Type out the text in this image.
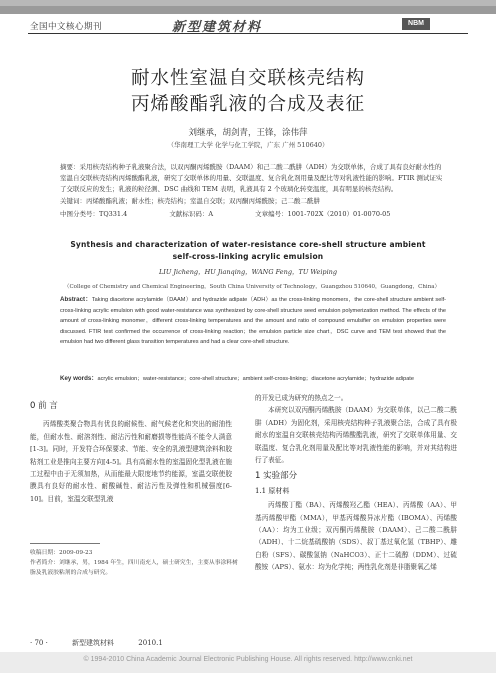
全国中文核心期刊	新型建筑材料	NBM
耐水性室温自交联核壳结构
丙烯酸酯乳液的合成及表征
刘继承，胡剑青，王锋，涂伟萍
（华南理工大学 化学与化工学院，广东 广州 510640）
摘要：采用核壳结构种子乳液聚合法，以双丙酮丙烯酰胺（DAAM）和己二酸二酰肼（ADH）为交联单体，合成了具有良好耐水性的室温自交联核壳结构丙烯酸酯乳液，研究了交联单体的用量、交联温度、复合乳化剂用量及配比等对乳液性能的影响。FTIR 测试证实了交联反应的发生；乳液的粒径测、DSC 曲线和 TEM 表明，乳液具有 2 个玻璃化转变温度，具有明显的核壳结构。
关键词：丙烯酸酯乳液；耐水性；核壳结构；室温自交联；双丙酮丙烯酰胺；己二酸二酰肼
中图分类号：TQ331.4	文献标识码：A	文章编号：1001-702X（2010）01-0070-05
Synthesis and characterization of water-resistance core-shell structure ambient
self-cross-linking acrylic emulsion
LIU Jicheng，HU Jianqing，WANG Feng，TU Weiping
（College of Chemistry and Chemical Engineering，South China University of Technology，Guangzhou 510640，Guangdong，China）
Abstract：Taking diacetone acrylamide（DAAM）and hydrazide adipate（ADH）as the cross-linking monomers，the core-shell structure ambient self-cross-linking acrylic emulsion with good water-resistance was synthesized by core-shell structure seed emulsion polymerization method. The effects of the amount of cross-linking monomer，different cross-linking temperatures and the amount and ratio of compound emulsifier on emulsion properties were discussed. FTIR test confirmed the occurrence of cross-linking reaction；the emulsion particle size chart，DSC curve and TEM test showed that the emulsion had two different glass transition temperatures and had a clear core-shell structure.
Key words：acrylic emulsion；water-resistance；core-shell structure；ambient self-cross-linking；diacetone acrylamide；hydrazide adipate
0 前 言

丙烯酸类聚合物具有优良的耐候性、耐气候老化和突出的耐油性能，但耐水性、耐溶剂性、耐沾污性和耐磨损等性能尚不能令人满意[1-3]。同时，开发符合环保要求、节能、安全的乳液型建筑涂料和胶粘剂工业是推向主要方向[4-5]。具有高耐水性的室温固化型乳液在施工过程中由于无须加热，从而能最大限度地节约能源，室温交联使胶膜具有良好的耐水性、耐酸碱性、耐沾污性及弹性和机械强度[6-10]。目前，室温交联型乳液

收稿日期：2009-09-23
作者简介：刘继承，男，1984 年生，四川南充人，硕士研究生，主要从事涂料树脂及乳液胶粘剂的合成与研究。

的开发已成为研究的热点之一。

本研究以双丙酮丙烯酰胺（DAAM）为交联单体，以己二酸二酰肼（ADH）为固化剂，采用核壳结构种子乳液聚合法，合成了具有极耐水的室温自交联核壳结构丙烯酸酯乳液，研究了交联单体用量、交联温度、复合乳化剂用量及配比等对乳液性能的影响，并对其结构进行了表征。

1 实验部分
1.1 原材料

丙烯酸丁酯（BA）、丙烯酸羟乙酯（HEA）、丙烯酸（AA）、甲基丙烯酸甲酯（MMA），甲基丙烯酸异冰片酯（IBOMA）、丙烯酸（AA）：均为工业级；双丙酮丙烯酰胺（DAAM）、己二酸二酰肼（ADH）、十二烷基硫酸钠（SDS）、叔丁基过氧化氢（TBHP）、雕白粉（SFS）、碳酸氢钠（NaHCO3）、正十二硫醇（DDM）、过硫酸铵（APS）、氨水：均为化学纯；两性乳化剂是非脂聚氧乙烯

· 70 ·	新型建筑材料	2010.1
© 1994-2010 China Academic Journal Electronic Publishing House. All rights reserved. http://www.cnki.net
